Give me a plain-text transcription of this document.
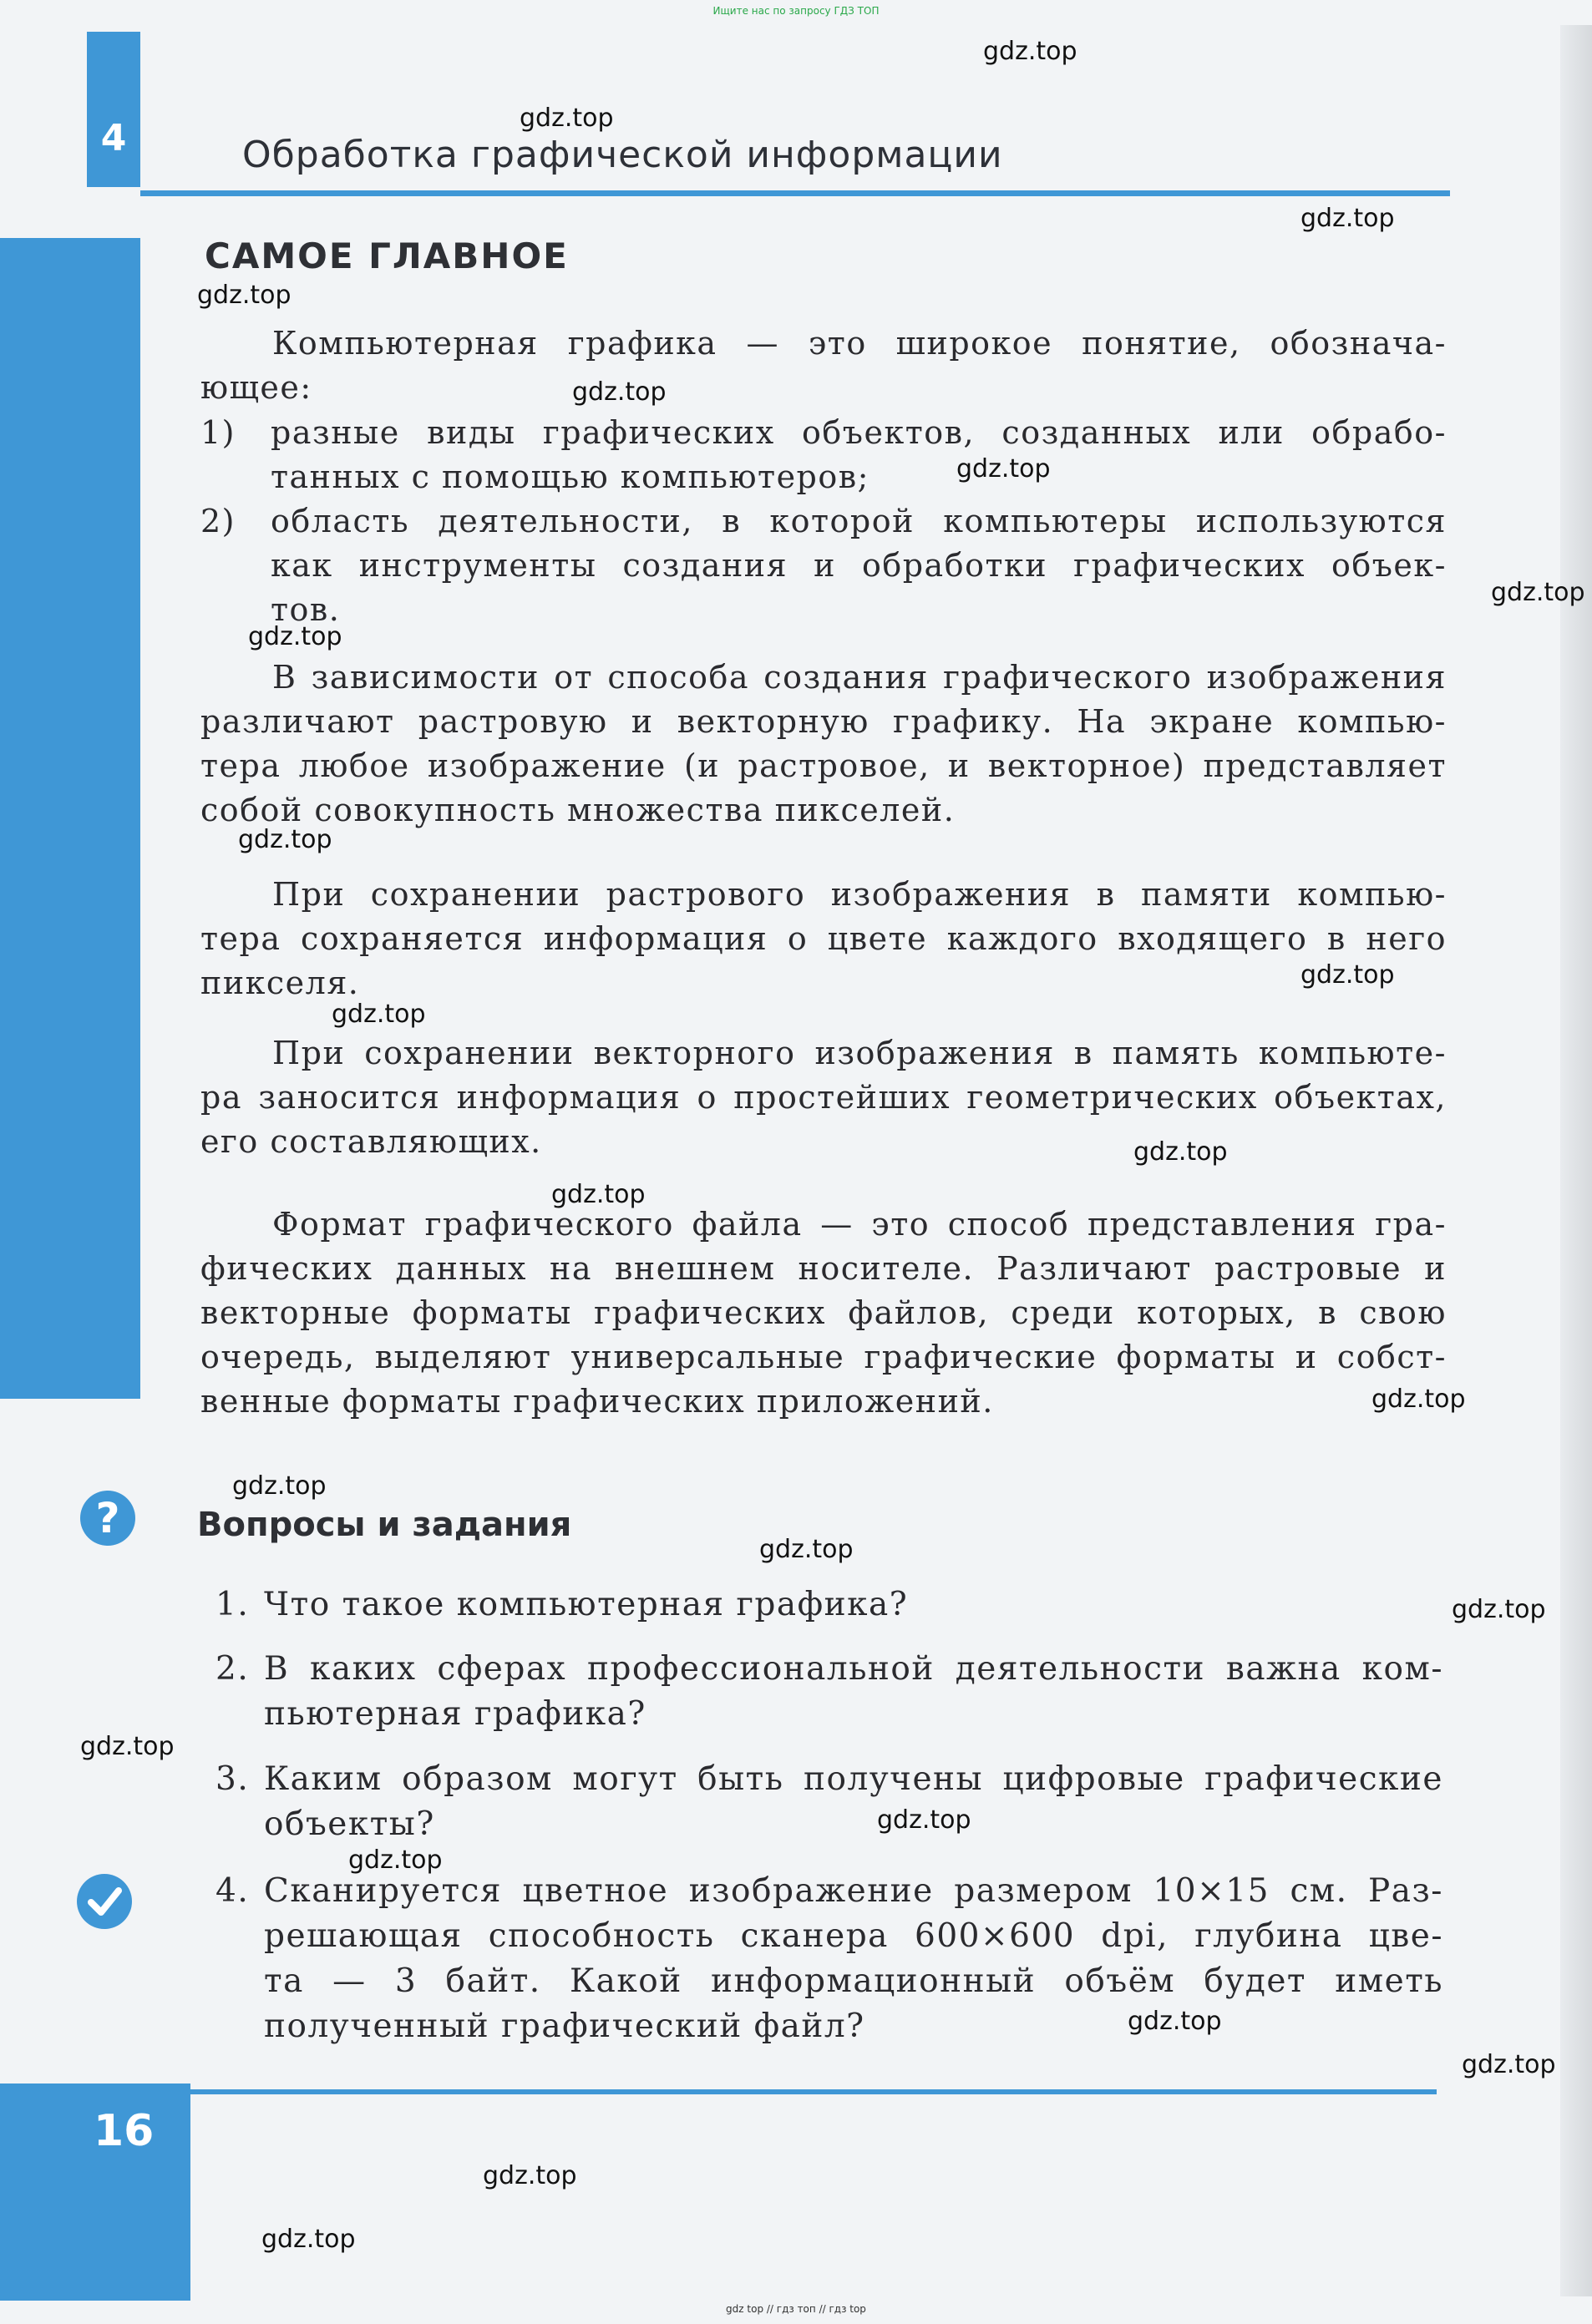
Ищите нас по запросу ГДЗ ТОП
4	Обработка графической информации
САМОЕ ГЛАВНОЕ
Компьютерная графика — это широкое понятие, обознача-
ющее:
1)	разные виды графических объектов, созданных или обрабо-
танных с помощью компьютеров;
2)	область деятельности, в которой компьютеры используются
как инструменты создания и обработки графических объек-
тов.
В зависимости от способа создания графического изображения
различают растровую и векторную графику. На экране компью-
тера любое изображение (и растровое, и векторное) представляет
собой совокупность множества пикселей.
При сохранении растрового изображения в памяти компью-
тера сохраняется информация о цвете каждого входящего в него
пикселя.
При сохранении векторного изображения в память компьюте-
ра заносится информация о простейших геометрических объектах,
его составляющих.
Формат графического файла — это способ представления гра-
фических данных на внешнем носителе. Различают растровые и
векторные форматы графических файлов, среди которых, в свою
очередь, выделяют универсальные графические форматы и собст-
венные форматы графических приложений.
?	Вопросы и задания
1. Что такое компьютерная графика?
2. В каких сферах профессиональной деятельности важна ком-
пьютерная графика?
3. Каким образом могут быть получены цифровые графические
объекты?
4. Сканируется цветное изображение размером 10×15 см. Раз-
решающая способность сканера 600×600 dpi, глубина цве-
та — 3 байт. Какой информационный объём будет иметь
полученный графический файл?
16
gdz.top
gdz.top
gdz.top
gdz.top
gdz.top
gdz.top
gdz.top
gdz.top
gdz.top
gdz.top
gdz.top
gdz.top
gdz.top
gdz.top
gdz.top
gdz.top
gdz.top
gdz.top
gdz.top
gdz.top
gdz.top
gdz.top
gdz.top
gdz.top
gdz top // гдз топ // гдз top
